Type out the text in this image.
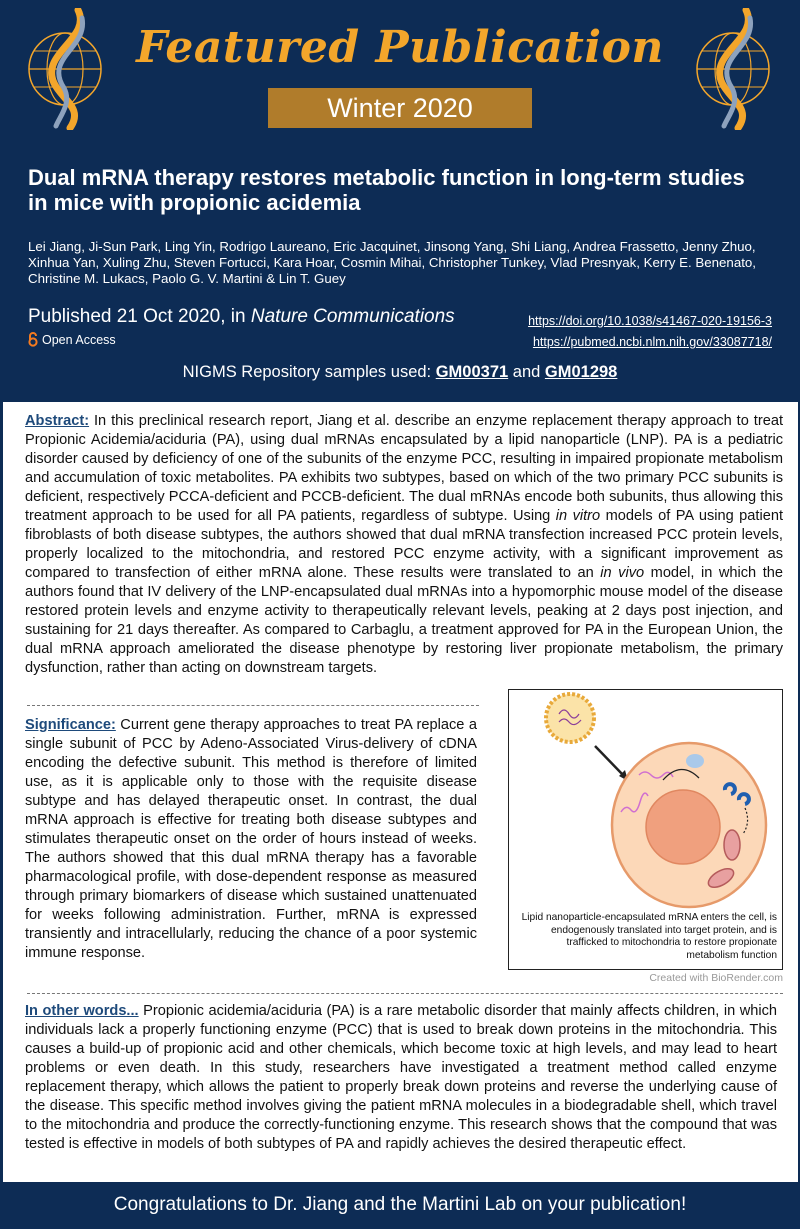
Featured Publication
Winter 2020
Dual mRNA therapy restores metabolic function in long-term studies in mice with propionic acidemia
Lei Jiang, Ji-Sun Park, Ling Yin, Rodrigo Laureano, Eric Jacquinet, Jinsong Yang, Shi Liang, Andrea Frassetto, Jenny Zhuo, Xinhua Yan, Xuling Zhu, Steven Fortucci, Kara Hoar, Cosmin Mihai, Christopher Tunkey, Vlad Presnyak, Kerry E. Benenato, Christine M. Lukacs, Paolo G. V. Martini & Lin T. Guey
Published 21 Oct 2020, in Nature Communications
Open Access
https://doi.org/10.1038/s41467-020-19156-3
https://pubmed.ncbi.nlm.nih.gov/33087718/
NIGMS Repository samples used: GM00371 and GM01298
Abstract: In this preclinical research report, Jiang et al. describe an enzyme replacement therapy approach to treat Propionic Acidemia/aciduria (PA), using dual mRNAs encapsulated by a lipid nanoparticle (LNP). PA is a pediatric disorder caused by deficiency of one of the subunits of the enzyme PCC, resulting in impaired propionate metabolism and accumulation of toxic metabolites. PA exhibits two subtypes, based on which of the two primary PCC subunits is deficient, respectively PCCA-deficient and PCCB-deficient. The dual mRNAs encode both subunits, thus allowing this treatment approach to be used for all PA patients, regardless of subtype. Using in vitro models of PA using patient fibroblasts of both disease subtypes, the authors showed that dual mRNA transfection increased PCC protein levels, properly localized to the mitochondria, and restored PCC enzyme activity, with a significant improvement as compared to transfection of either mRNA alone. These results were translated to an in vivo model, in which the authors found that IV delivery of the LNP-encapsulated dual mRNAs into a hypomorphic mouse model of the disease restored protein levels and enzyme activity to therapeutically relevant levels, peaking at 2 days post injection, and sustaining for 21 days thereafter. As compared to Carbaglu, a treatment approved for PA in the European Union, the dual mRNA approach ameliorated the disease phenotype by restoring liver propionate metabolism, the primary dysfunction, rather than acting on downstream targets.
Significance: Current gene therapy approaches to treat PA replace a single subunit of PCC by Adeno-Associated Virus-delivery of cDNA encoding the defective subunit. This method is therefore of limited use, as it is applicable only to those with the requisite disease subtype and has delayed therapeutic onset. In contrast, the dual mRNA approach is effective for treating both disease subtypes and stimulates therapeutic onset on the order of hours instead of weeks. The authors showed that this dual mRNA therapy has a favorable pharmacological profile, with dose-dependent response as measured through primary biomarkers of disease which sustained unattenuated for weeks following administration. Further, mRNA is expressed transiently and intracellularly, reducing the chance of a poor systemic immune response.
Lipid nanoparticle-encapsulated mRNA enters the cell, is endogenously translated into target protein, and is trafficked to mitochondria to restore propionate metabolism function
Created with BioRender.com
In other words... Propionic acidemia/aciduria (PA) is a rare metabolic disorder that mainly affects children, in which individuals lack a properly functioning enzyme (PCC) that is used to break down proteins in the mitochondria. This causes a build-up of propionic acid and other chemicals, which become toxic at high levels, and may lead to heart problems or even death. In this study, researchers have investigated a treatment method called enzyme replacement therapy, which allows the patient to properly break down proteins and reverse the underlying cause of the disease. This specific method involves giving the patient mRNA molecules in a biodegradable shell, which travel to the mitochondria and produce the correctly-functioning enzyme. This research shows that the compound that was tested is effective in models of both subtypes of PA and rapidly achieves the desired therapeutic effect.
Congratulations to Dr. Jiang and the Martini Lab on your publication!
